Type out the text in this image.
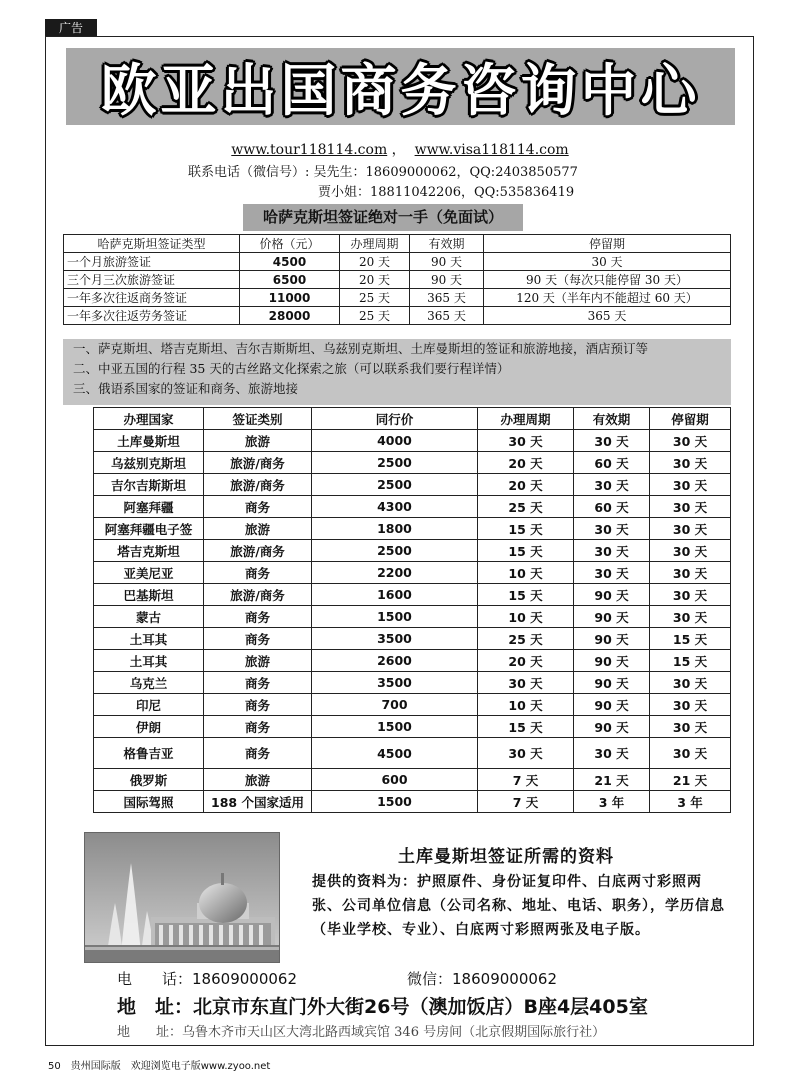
广告
欧亚出国商务咨询中心
www.tour118114.com ， www.visa118114.com
联系电话（微信号）: 吴先生：18609000062，QQ:2403850577
贾小姐：18811042206，QQ:535836419
哈萨克斯坦签证绝对一手（免面试）
哈萨克斯坦签证类型	价格（元）	办理周期	有效期	停留期
一个月旅游签证	4500	20 天	90 天	30 天
三个月三次旅游签证	6500	20 天	90 天	90 天（每次只能停留 30 天）
一年多次往返商务签证	11000	25 天	365 天	120 天（半年内不能超过 60 天）
一年多次往返劳务签证	28000	25 天	365 天	365 天
一、萨克斯坦、塔吉克斯坦、吉尔吉斯斯坦、乌兹别克斯坦、土库曼斯坦的签证和旅游地接，酒店预订等
二、中亚五国的行程 35 天的古丝路文化探索之旅（可以联系我们要行程详情）
三、俄语系国家的签证和商务、旅游地接
办理国家	签证类别	同行价	办理周期	有效期	停留期
土库曼斯坦	旅游	4000	30 天	30 天	30 天
乌兹别克斯坦	旅游/商务	2500	20 天	60 天	30 天
吉尔吉斯斯坦	旅游/商务	2500	20 天	30 天	30 天
阿塞拜疆	商务	4300	25 天	60 天	30 天
阿塞拜疆电子签	旅游	1800	15 天	30 天	30 天
塔吉克斯坦	旅游/商务	2500	15 天	30 天	30 天
亚美尼亚	商务	2200	10 天	30 天	30 天
巴基斯坦	旅游/商务	1600	15 天	90 天	30 天
蒙古	商务	1500	10 天	90 天	30 天
土耳其	商务	3500	25 天	90 天	15 天
土耳其	旅游	2600	20 天	90 天	15 天
乌克兰	商务	3500	30 天	90 天	30 天
印尼	商务	700	10 天	90 天	30 天
伊朗	商务	1500	15 天	90 天	30 天
格鲁吉亚	商务	4500	30 天	30 天	30 天
俄罗斯	旅游	600	7 天	21 天	21 天
国际驾照	188 个国家适用	1500	7 天	3 年	3 年
土库曼斯坦签证所需的资料
提供的资料为：护照原件、身份证复印件、白底两寸彩照两张、公司单位信息（公司名称、地址、电话、职务），学历信息（毕业学校、专业）、白底两寸彩照两张及电子版。
电　　话：18609000062	微信：18609000062
地　址：北京市东直门外大街26号（澳加饭店）B座4层405室
地　　址：乌鲁木齐市天山区大湾北路西域宾馆 346 号房间（北京假期国际旅行社）
50　贵州国际版　欢迎浏览电子版www.zyoo.net
